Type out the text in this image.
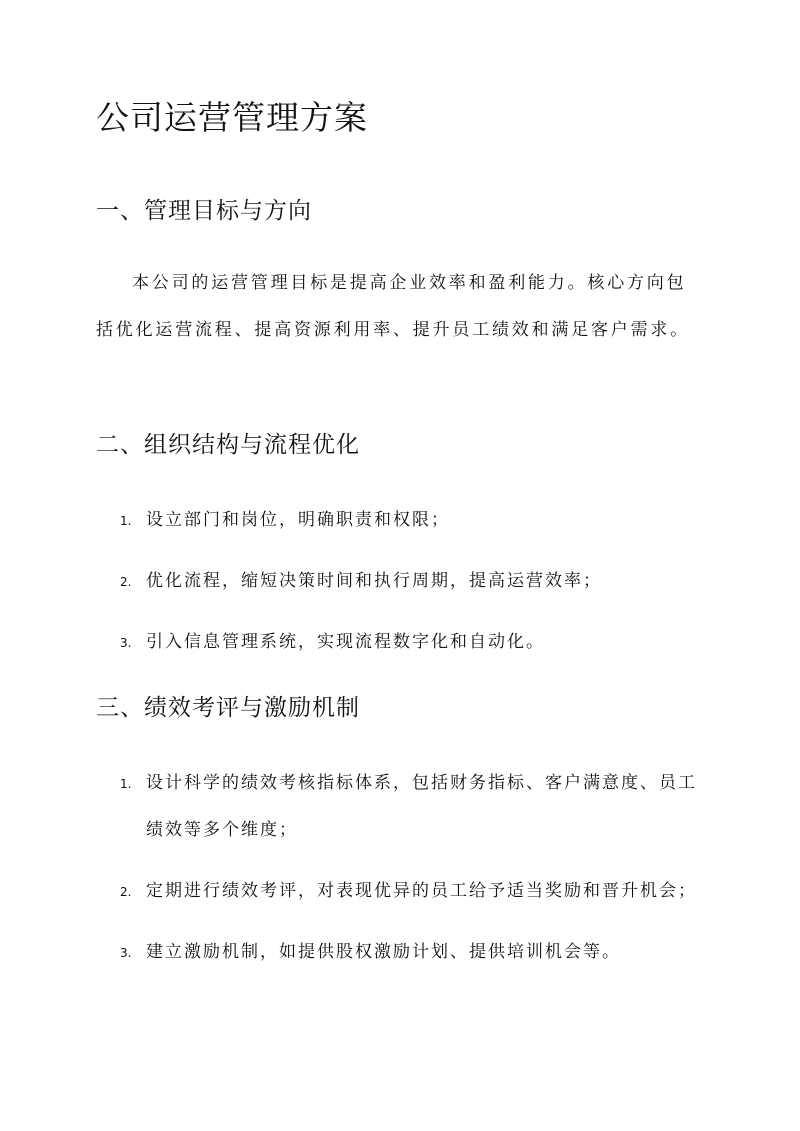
公司运营管理方案
一、管理目标与方向

本公司的运营管理目标是提高企业效率和盈利能力。核心方向包括优化运营流程、提高资源利用率、提升员工绩效和满足客户需求。

二、组织结构与流程优化
1. 设立部门和岗位，明确职责和权限；
2. 优化流程，缩短决策时间和执行周期，提高运营效率；
3. 引入信息管理系统，实现流程数字化和自动化。
三、绩效考评与激励机制
1. 设计科学的绩效考核指标体系，包括财务指标、客户满意度、员工绩效等多个维度；
2. 定期进行绩效考评，对表现优异的员工给予适当奖励和晋升机会；
3. 建立激励机制，如提供股权激励计划、提供培训机会等。
